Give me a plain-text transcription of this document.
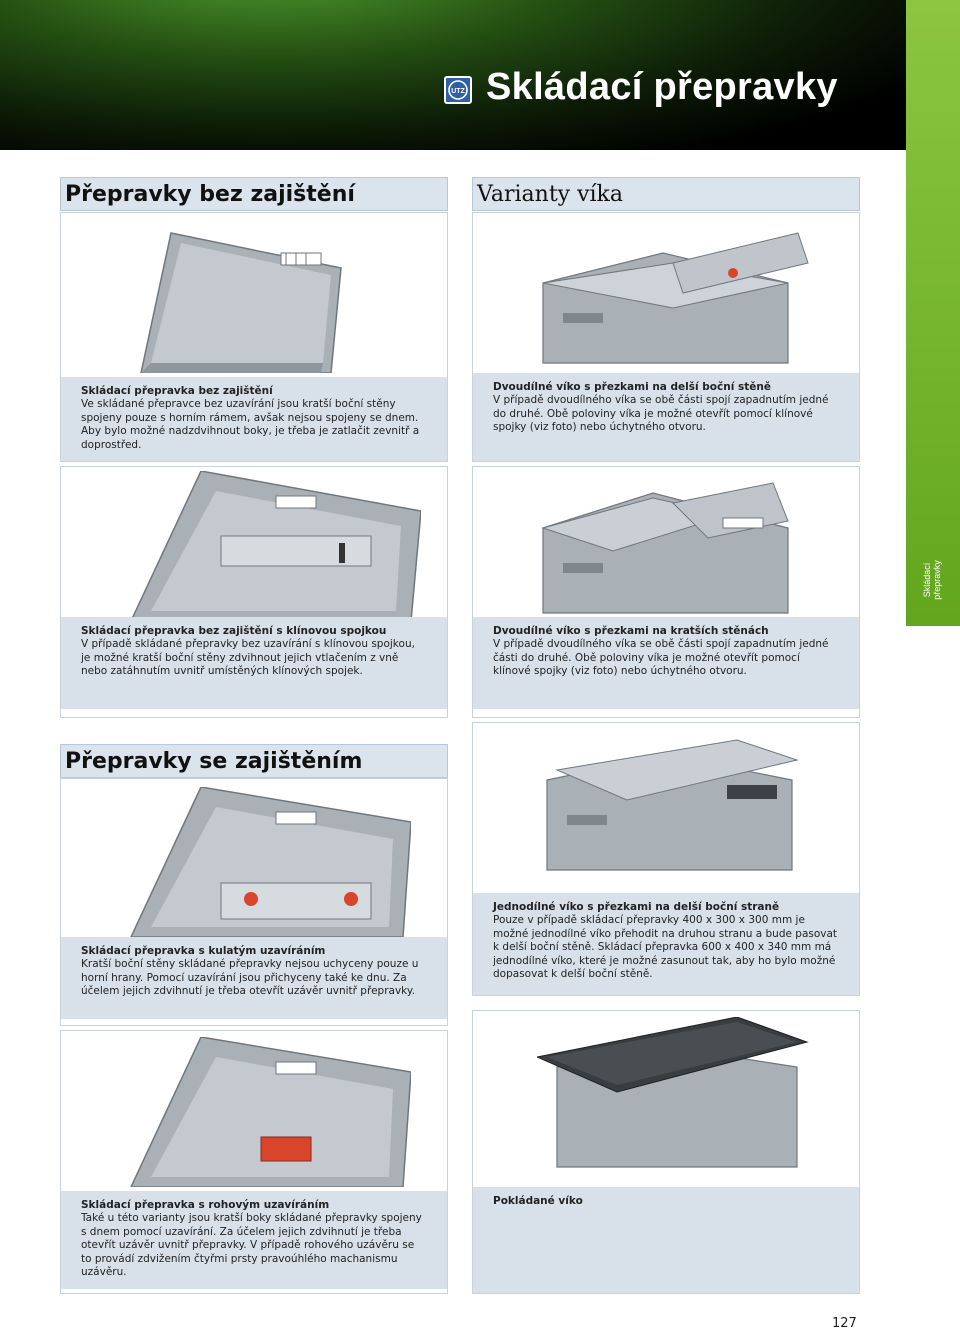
UTZ Skládací přepravky
Skládací přepravky
Přepravky bez zajištění	Varianty víka
Přepravky se zajištěním
Skládací přepravka bez zajištění
Ve skládané přepravce bez uzavírání jsou kratší boční stěny spojeny pouze s horním rámem, avšak nejsou spojeny se dnem. Aby bylo možné nadzdvihnout boky, je třeba je zatlačit zevnitř a doprostřed.
Dvoudílné víko s přezkami na delší boční stěně
V případě dvoudílného víka se obě části spojí zapadnutím jedné do druhé. Obě poloviny víka je možné otevřít pomocí klínové spojky (viz foto) nebo úchytného otvoru.
Skládací přepravka bez zajištění s klínovou spojkou
V případě skládané přepravky bez uzavírání s klínovou spojkou, je možné kratší boční stěny zdvihnout jejich vtlačením z vně nebo zatáhnutím uvnitř umístěných klínových spojek.
Dvoudílné víko s přezkami na kratších stěnách
V případě dvoudílného víka se obě části spojí zapadnutím jedné části do druhé. Obě poloviny víka je možné otevřít pomocí klínové spojky (viz foto) nebo úchytného otvoru.
Skládací přepravka s kulatým uzavíráním
Kratší boční stěny skládané přepravky nejsou uchyceny pouze u horní hrany. Pomocí uzavírání jsou přichyceny také ke dnu. Za účelem jejich zdvihnutí je třeba otevřít uzávěr uvnitř přepravky.
Jednodílné víko s přezkami na delší boční straně
Pouze v případě skládací přepravky 400 x 300 x 300 mm je možné jednodílné víko přehodit na druhou stranu a bude pasovat k delší boční stěně. Skládací přepravka 600 x 400 x 340 mm má jednodílné víko, které je možné zasunout tak, aby ho bylo možné dopasovat k delší boční stěně.
Skládací přepravka s rohovým uzavíráním
Také u této varianty jsou kratší boky skládané přepravky spojeny s dnem pomocí uzavírání. Za účelem jejich zdvihnutí je třeba otevřít uzávěr uvnitř přepravky. V případě rohového uzávěru se to provádí zdvižením čtyřmi prsty pravoúhlého machanismu uzávěru.
Pokládané víko
127
